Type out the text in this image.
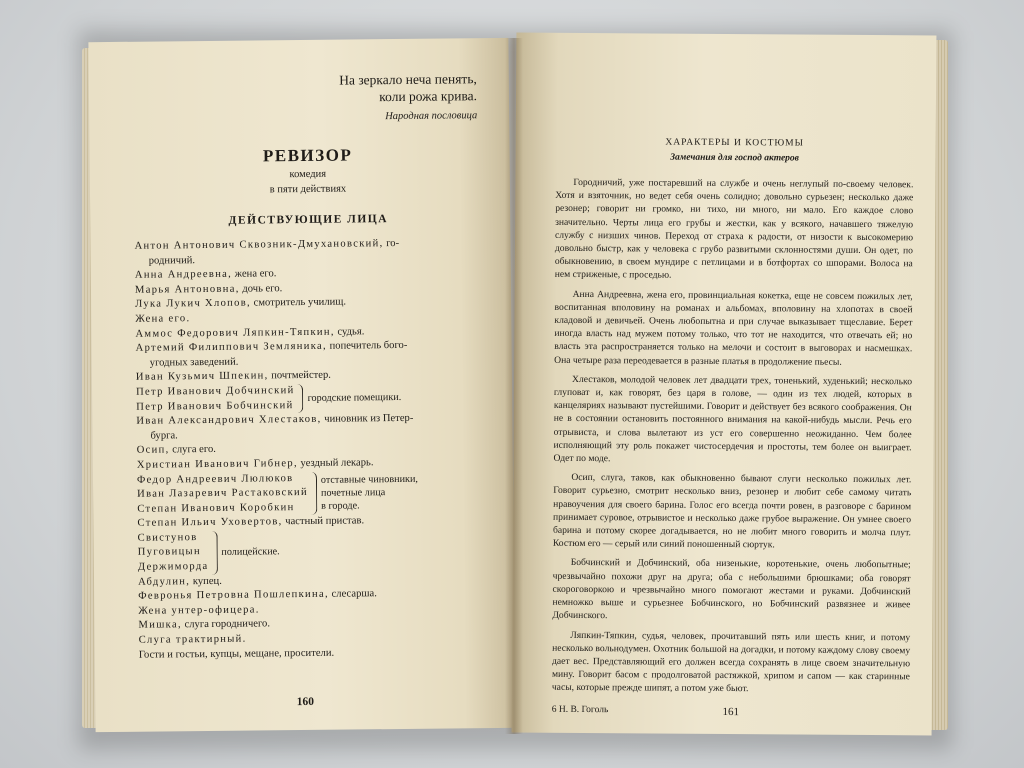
На зеркало неча пенять,
коли рожа крива.
Народная пословица
РЕВИЗОР
комедия
в пяти действиях
ДЕЙСТВУЮЩИЕ ЛИЦА
Антон Антонович Сквозник-Дмухановский, го-
родничий.
Анна Андреевна, жена его.
Марья Антоновна, дочь его.
Лука Лукич Хлопов, смотритель училищ.
Жена его.
Аммос Федорович Ляпкин-Тяпкин, судья.
Артемий Филиппович Земляника, попечитель бого-
угодных заведений.
Иван Кузьмич Шпекин, почтмейстер.
Петр Иванович Добчинский
Петр Иванович Бобчинский
городские помещики.
Иван Александрович Хлестаков, чиновник из Петер-
бурга.
Осип, слуга его.
Христиан Иванович Гибнер, уездный лекарь.
Федор Андреевич Люлюков
Иван Лазаревич Растаковский
Степан Иванович Коробкин
отставные чиновники,
почетные лица
в городе.
Степан Ильич Уховертов, частный пристав.
Свистунов
Пуговицын
Держиморда
полицейские.
Абдулин, купец.
Февронья Петровна Пошлепкина, слесарша.
Жена унтер-офицера.
Мишка, слуга городничего.
Слуга трактирный.
Гости и гостьи, купцы, мещане, просители.
160
ХАРАКТЕРЫ И КОСТЮМЫ
Замечания для господ актеров

Городничий, уже постаревший на службе и очень неглупый по-своему человек. Хотя и взяточник, но ведет себя очень солидно; довольно сурьезен; несколько даже резонер; говорит ни громко, ни тихо, ни много, ни мало. Его каждое слово значительно. Черты лица его грубы и жестки, как у всякого, начавшего тяжелую службу с низших чинов. Переход от страха к радости, от низости к высокомерию довольно быстр, как у человека с грубо развитыми склонностями души. Он одет, по обыкновению, в своем мундире с петлицами и в ботфортах со шпорами. Волоса на нем стриженые, с проседью.

Анна Андреевна, жена его, провинциальная кокетка, еще не совсем пожилых лет, воспитанная вполовину на романах и альбомах, вполовину на хлопотах в своей кладовой и девичьей. Очень любопытна и при случае выказывает тщеславие. Берет иногда власть над мужем потому только, что тот не находится, что отвечать ей; но власть эта распространяется только на мелочи и состоит в выговорах и насмешках. Она четыре раза переодевается в разные платья в продолжение пьесы.

Хлестаков, молодой человек лет двадцати трех, тоненький, худенький; несколько глуповат и, как говорят, без царя в голове, — один из тех людей, которых в канцеляриях называют пустейшими. Говорит и действует без всякого соображения. Он не в состоянии остановить постоянного внимания на какой-нибудь мысли. Речь его отрывиста, и слова вылетают из уст его совершенно неожиданно. Чем более исполняющий эту роль покажет чистосердечия и простоты, тем более он выиграет. Одет по моде.

Осип, слуга, таков, как обыкновенно бывают слуги несколько пожилых лет. Говорит сурьезно, смотрит несколько вниз, резонер и любит себе самому читать нравоучения для своего барина. Голос его всегда почти ровен, в разговоре с барином принимает суровое, отрывистое и несколько даже грубое выражение. Он умнее своего барина и потому скорее догадывается, но не любит много говорить и молча плут. Костюм его — серый или синий поношенный сюртук.

Бобчинский и Добчинский, оба низенькие, коротенькие, очень любопытные; чрезвычайно похожи друг на друга; оба с небольшими брюшками; оба говорят скороговоркою и чрезвычайно много помогают жестами и руками. Добчинский немножко выше и сурьезнее Бобчинского, но Бобчинский развязнее и живее Добчинского.

Ляпкин-Тяпкин, судья, человек, прочитавший пять или шесть книг, и потому несколько вольнодумен. Охотник большой на догадки, и потому каждому слову своему дает вес. Представляющий его должен всегда сохранять в лице своем значительную мину. Говорит басом с продолговатой растяжкой, хрипом и сапом — как старинные часы, которые прежде шипят, а потом уже бьют.

6 Н. В. Гоголь	161
